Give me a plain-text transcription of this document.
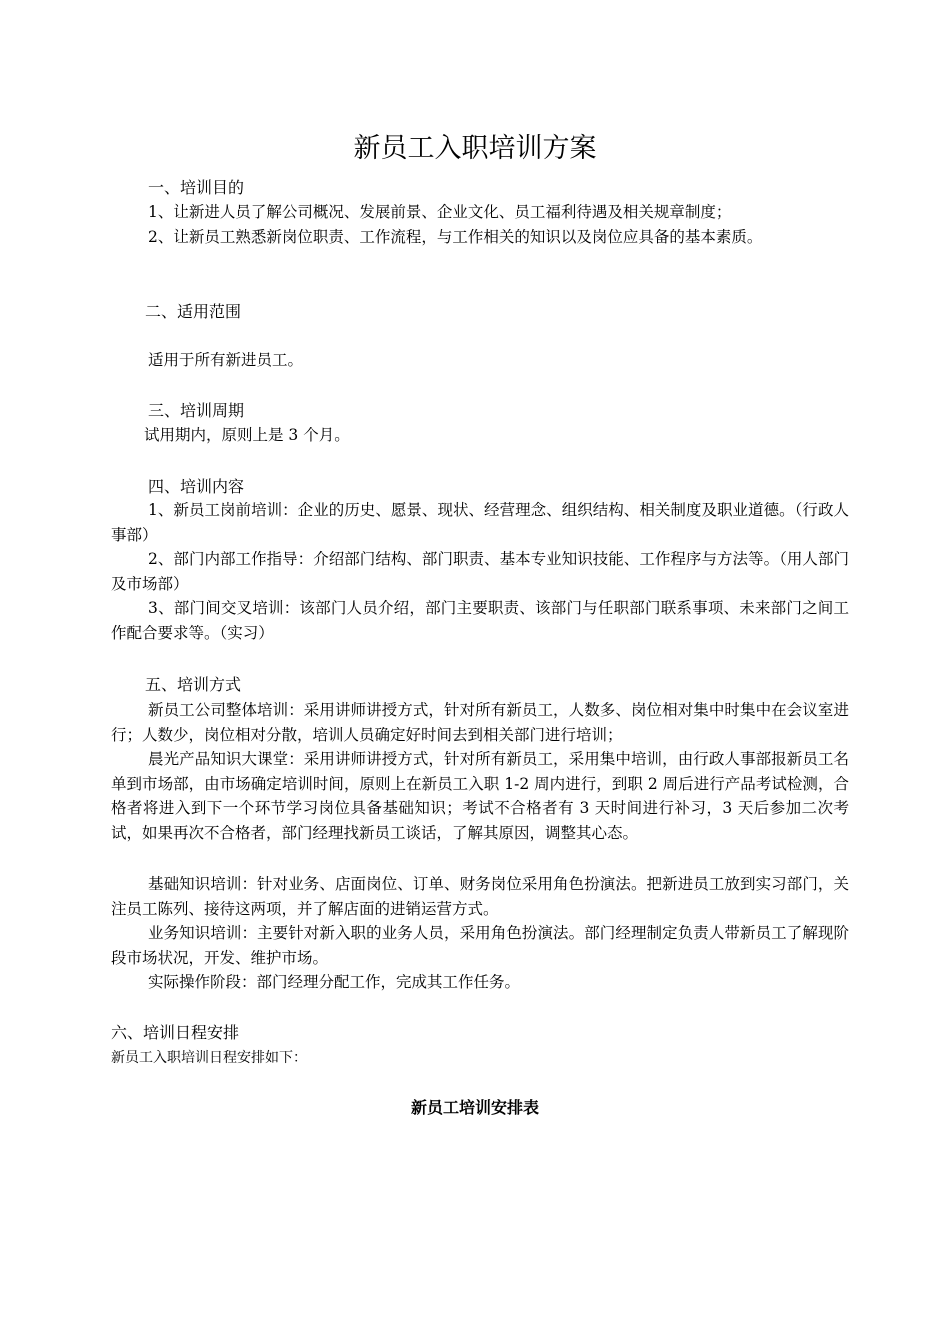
新员工入职培训方案
一、培训目的
1、让新进人员了解公司概况、发展前景、企业文化、员工福利待遇及相关规章制度；
2、让新员工熟悉新岗位职责、工作流程，与工作相关的知识以及岗位应具备的基本素质。
二、适用范围
适用于所有新进员工。
三、培训周期
试用期内，原则上是 3 个月。
四、培训内容
1、新员工岗前培训：企业的历史、愿景、现状、经营理念、组织结构、相关制度及职业道德。（行政人事部）
2、部门内部工作指导：介绍部门结构、部门职责、基本专业知识技能、工作程序与方法等。（用人部门及市场部）
3、部门间交叉培训：该部门人员介绍，部门主要职责、该部门与任职部门联系事项、未来部门之间工作配合要求等。（实习）
五、培训方式
新员工公司整体培训：采用讲师讲授方式，针对所有新员工，人数多、岗位相对集中时集中在会议室进行；人数少，岗位相对分散，培训人员确定好时间去到相关部门进行培训；
晨光产品知识大课堂：采用讲师讲授方式，针对所有新员工，采用集中培训，由行政人事部报新员工名单到市场部，由市场确定培训时间，原则上在新员工入职 1-2 周内进行，到职 2 周后进行产品考试检测，合格者将进入到下一个环节学习岗位具备基础知识；考试不合格者有 3 天时间进行补习，3 天后参加二次考试，如果再次不合格者，部门经理找新员工谈话，了解其原因，调整其心态。
基础知识培训：针对业务、店面岗位、订单、财务岗位采用角色扮演法。把新进员工放到实习部门，关注员工陈列、接待这两项，并了解店面的进销运营方式。
业务知识培训：主要针对新入职的业务人员，采用角色扮演法。部门经理制定负责人带新员工了解现阶段市场状况，开发、维护市场。
实际操作阶段：部门经理分配工作，完成其工作任务。
六、培训日程安排
新员工入职培训日程安排如下：
新员工培训安排表
